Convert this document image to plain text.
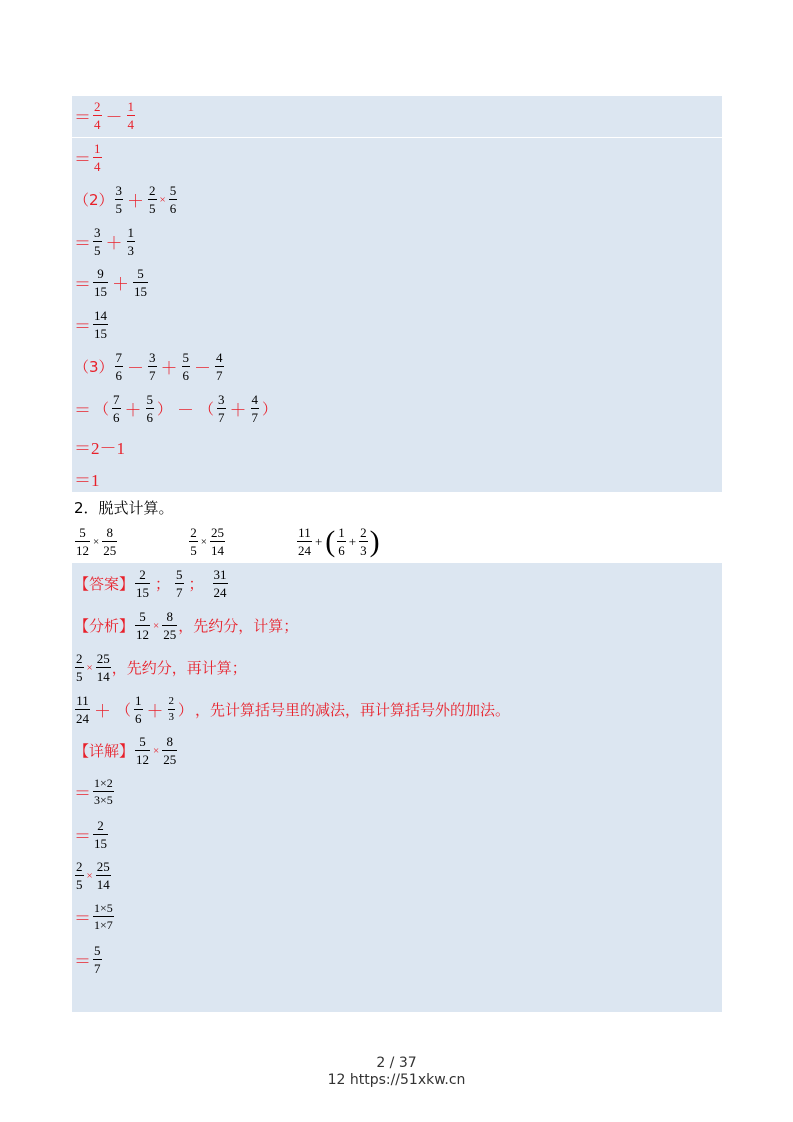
＝ $\frac{2}{4} - \frac{1}{4}$
＝ $\frac{1}{4}$
$(2) \frac{3}{5} + \frac{2}{5} \times \frac{5}{6}$
＝ $\frac{3}{5} + \frac{1}{3}$
＝ $\frac{9}{15} + \frac{5}{15}$
＝ $\frac{14}{15}$
$(3) \frac{7}{6} - \frac{3}{7} + \frac{5}{6} - \frac{4}{7}$
＝ （ $\frac{7}{6} + \frac{5}{6}$ ） － （ $\frac{3}{7} + \frac{4}{7}$ ）
＝2－1
＝1
2．脱式计算。
$\frac{5}{12} \times \frac{8}{25}$	$\frac{2}{5} \times \frac{25}{14}$	$\frac{11}{24}$ + ( $\frac{1}{6} + \frac{2}{3}$ )
【答案】 $\frac{2}{15}$ ； $\frac{5}{7}$ ； $\frac{31}{24}$
【分析】 $\frac{5}{12} \times \frac{8}{25}$ ，先约分，计算；
$\frac{2}{5} \times \frac{25}{14}$ ，先约分，再计算；
$\frac{11}{24}$ ＋ （ $\frac{1}{6} + \frac{2}{3}$ ） ，先计算括号里的减法，再计算括号外的加法。
【详解】 $\frac{5}{12} \times \frac{8}{25}$
＝ $\frac{1\times 2}{3\times 5}$
＝ $\frac{2}{15}$
$\frac{2}{5} \times \frac{25}{14}$
＝ $\frac{1\times 5}{1\times 7}$
＝ $\frac{5}{7}$
2 / 37
12 https://51xkw.cn
